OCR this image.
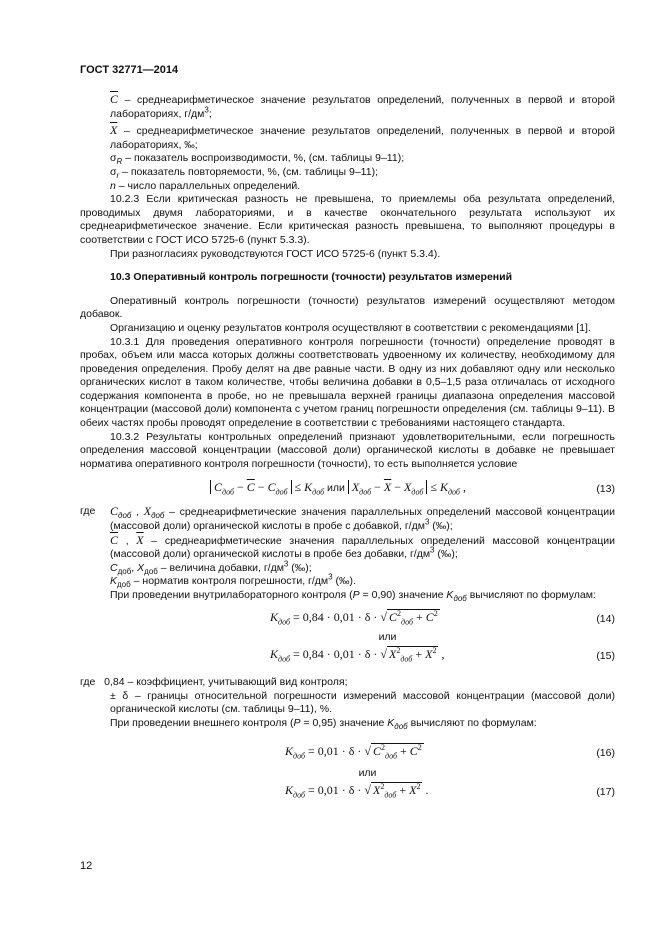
ГОСТ 32771—2014

$\overline{C}$ – среднеарифметическое значение результатов определений, полученных в первой и второй лабораториях, $г/дм^3$;

$\overline{X}$ – среднеарифметическое значение результатов определений, полученных в первой и второй лабораториях, ‰;

$\sigma_R$ – показатель воспроизводимости, %, (см. таблицы 9–11);

$\sigma_r$ – показатель повторяемости, %, (см. таблицы 9–11);

n – число параллельных определений.

10.2.3 Если критическая разность не превышена, то приемлемы оба результата определений, проводимых двумя лабораториями, и в качестве окончательного результата используют их среднеарифметическое значение. Если критическая разность превышена, то выполняют процедуры в соответствии с ГОСТ ИСО 5725-6 (пункт 5.3.3).

При разногласиях руководствуются ГОСТ ИСО 5725-6 (пункт 5.3.4).

10.3 Оперативный контроль погрешности (точности) результатов измерений

Оперативный контроль погрешности (точности) результатов измерений осуществляют методом добавок.

Организацию и оценку результатов контроля осуществляют в соответствии с рекомендациями [1].

10.3.1 Для проведения оперативного контроля погрешности (точности) определение проводят в пробах, объем или масса которых должны соответствовать удвоенному их количеству, необходимому для проведения определения. Пробу делят на две равные части. В одну из них добавляют одну или несколько органических кислот в таком количестве, чтобы величина добавки в 0,5–1,5 раза отличалась от исходного содержания компонента в пробе, но не превышала верхней границы диапазона определения массовой концентрации (массовой доли) компонента с учетом границ погрешности определения (см. таблицы 9–11). В обеих частях пробы проводят определение в соответствии с требованиями настоящего стандарта.

10.3.2 Результаты контрольных определений признают удовлетворительными, если погрешность определения массовой концентрации (массовой доли) органической кислоты в добавке не превышает норматива оперативного контроля погрешности (точности), то есть выполняется условие

$C_{доб} - \overline{C} - C_{доб} \le K_{доб}$ или $X_{доб} - \overline{X} - X_{доб} \le K_{доб}$ ,	(13)
где	$C_{доб}$ , $X_{доб}$ – среднеарифметические значения параллельных определений массовой концентрации (массовой доли) органической кислоты в пробе с добавкой, $г/дм^3$ (‰);

$\overline{C}$ , $\overline{X}$ – среднеарифметические значения параллельных определений массовой концентрации (массовой доли) органической кислоты в пробе без добавки, $г/дм^3$ (‰);

$C_{доб}$, $X_{доб}$ – величина добавки, $г/дм^3$ (‰);

$K_{доб}$ – норматив контроля погрешности, $г/дм^3$ (‰).

При проведении внутрилабораторного контроля (P = 0,90) значение $K_{доб}$ вычисляют по формулам:

$K_{доб} = 0,84 \cdot 0,01 \cdot \delta$ · √ $C^2_{доб} + \overline{C}^2$	(14)

или

$K_{доб} = 0,84 \cdot 0,01 \cdot \delta$ · √ $X^2_{доб} + \overline{X}^2$ ,	(15)

где 0,84 – коэффициент, учитывающий вид контроля;

± δ – границы относительной погрешности измерений массовой концентрации (массовой доли) органической кислоты (см. таблицы 9–11), %.

При проведении внешнего контроля (P = 0,95) значение $K_{доб}$ вычисляют по формулам:

$K_{доб} = 0,01 \cdot \delta$ · √ $C^2_{доб} + \overline{C}^2$	(16)

или

$K_{доб} = 0,01 \cdot \delta$ · √ $X^2_{доб} + \overline{X}^2$ .	(17)
12
